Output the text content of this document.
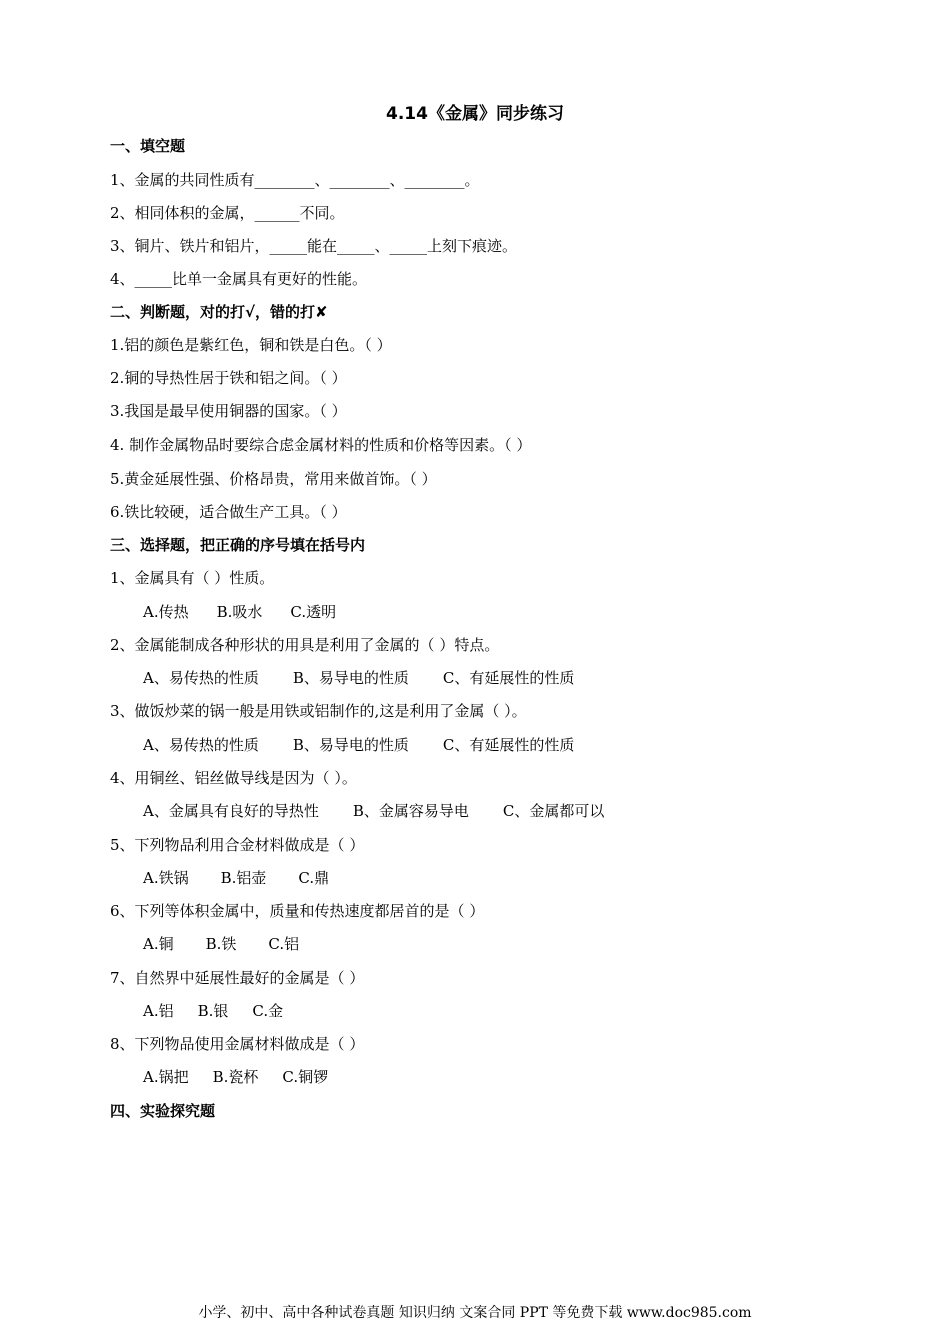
4.14《金属》同步练习
一、填空题
1、金属的共同性质有________、________、________。
2、相同体积的金属，______不同。
3、铜片、铁片和铝片，_____能在_____、_____上刻下痕迹。
4、_____比单一金属具有更好的性能。
二、判断题，对的打√，错的打✘
1.铝的颜色是紫红色，铜和铁是白色。（ ）
2.铜的导热性居于铁和铝之间。（ ）
3.我国是最早使用铜器的国家。（ ）
4. 制作金属物品时要综合虑金属材料的性质和价格等因素。（ ）
5.黄金延展性强、价格昂贵，常用来做首饰。（ ）
6.铁比较硬，适合做生产工具。（ ）
三、选择题，把正确的序号填在括号内
1、金属具有（ ）性质。
A.传热 B.吸水 C.透明
2、金属能制成各种形状的用具是利用了金属的（ ）特点。
A、易传热的性质 B、易导电的性质 C、有延展性的性质
3、做饭炒菜的锅一般是用铁或铝制作的,这是利用了金属（ ）。
A、易传热的性质 B、易导电的性质 C、有延展性的性质
4、用铜丝、铝丝做导线是因为（ ）。
A、金属具有良好的导热性 B、金属容易导电 C、金属都可以
5、下列物品利用合金材料做成是（ ）
A.铁锅 B.铝壶 C.鼎
6、下列等体积金属中，质量和传热速度都居首的是（ ）
A.铜 B.铁 C.铝
7、自然界中延展性最好的金属是（ ）
A.铝 B.银 C.金
8、下列物品使用金属材料做成是（ ）
A.锅把 B.瓷杯 C.铜锣
四、实验探究题
小学、初中、高中各种试卷真题 知识归纳 文案合同 PPT 等免费下载 www.doc985.com
